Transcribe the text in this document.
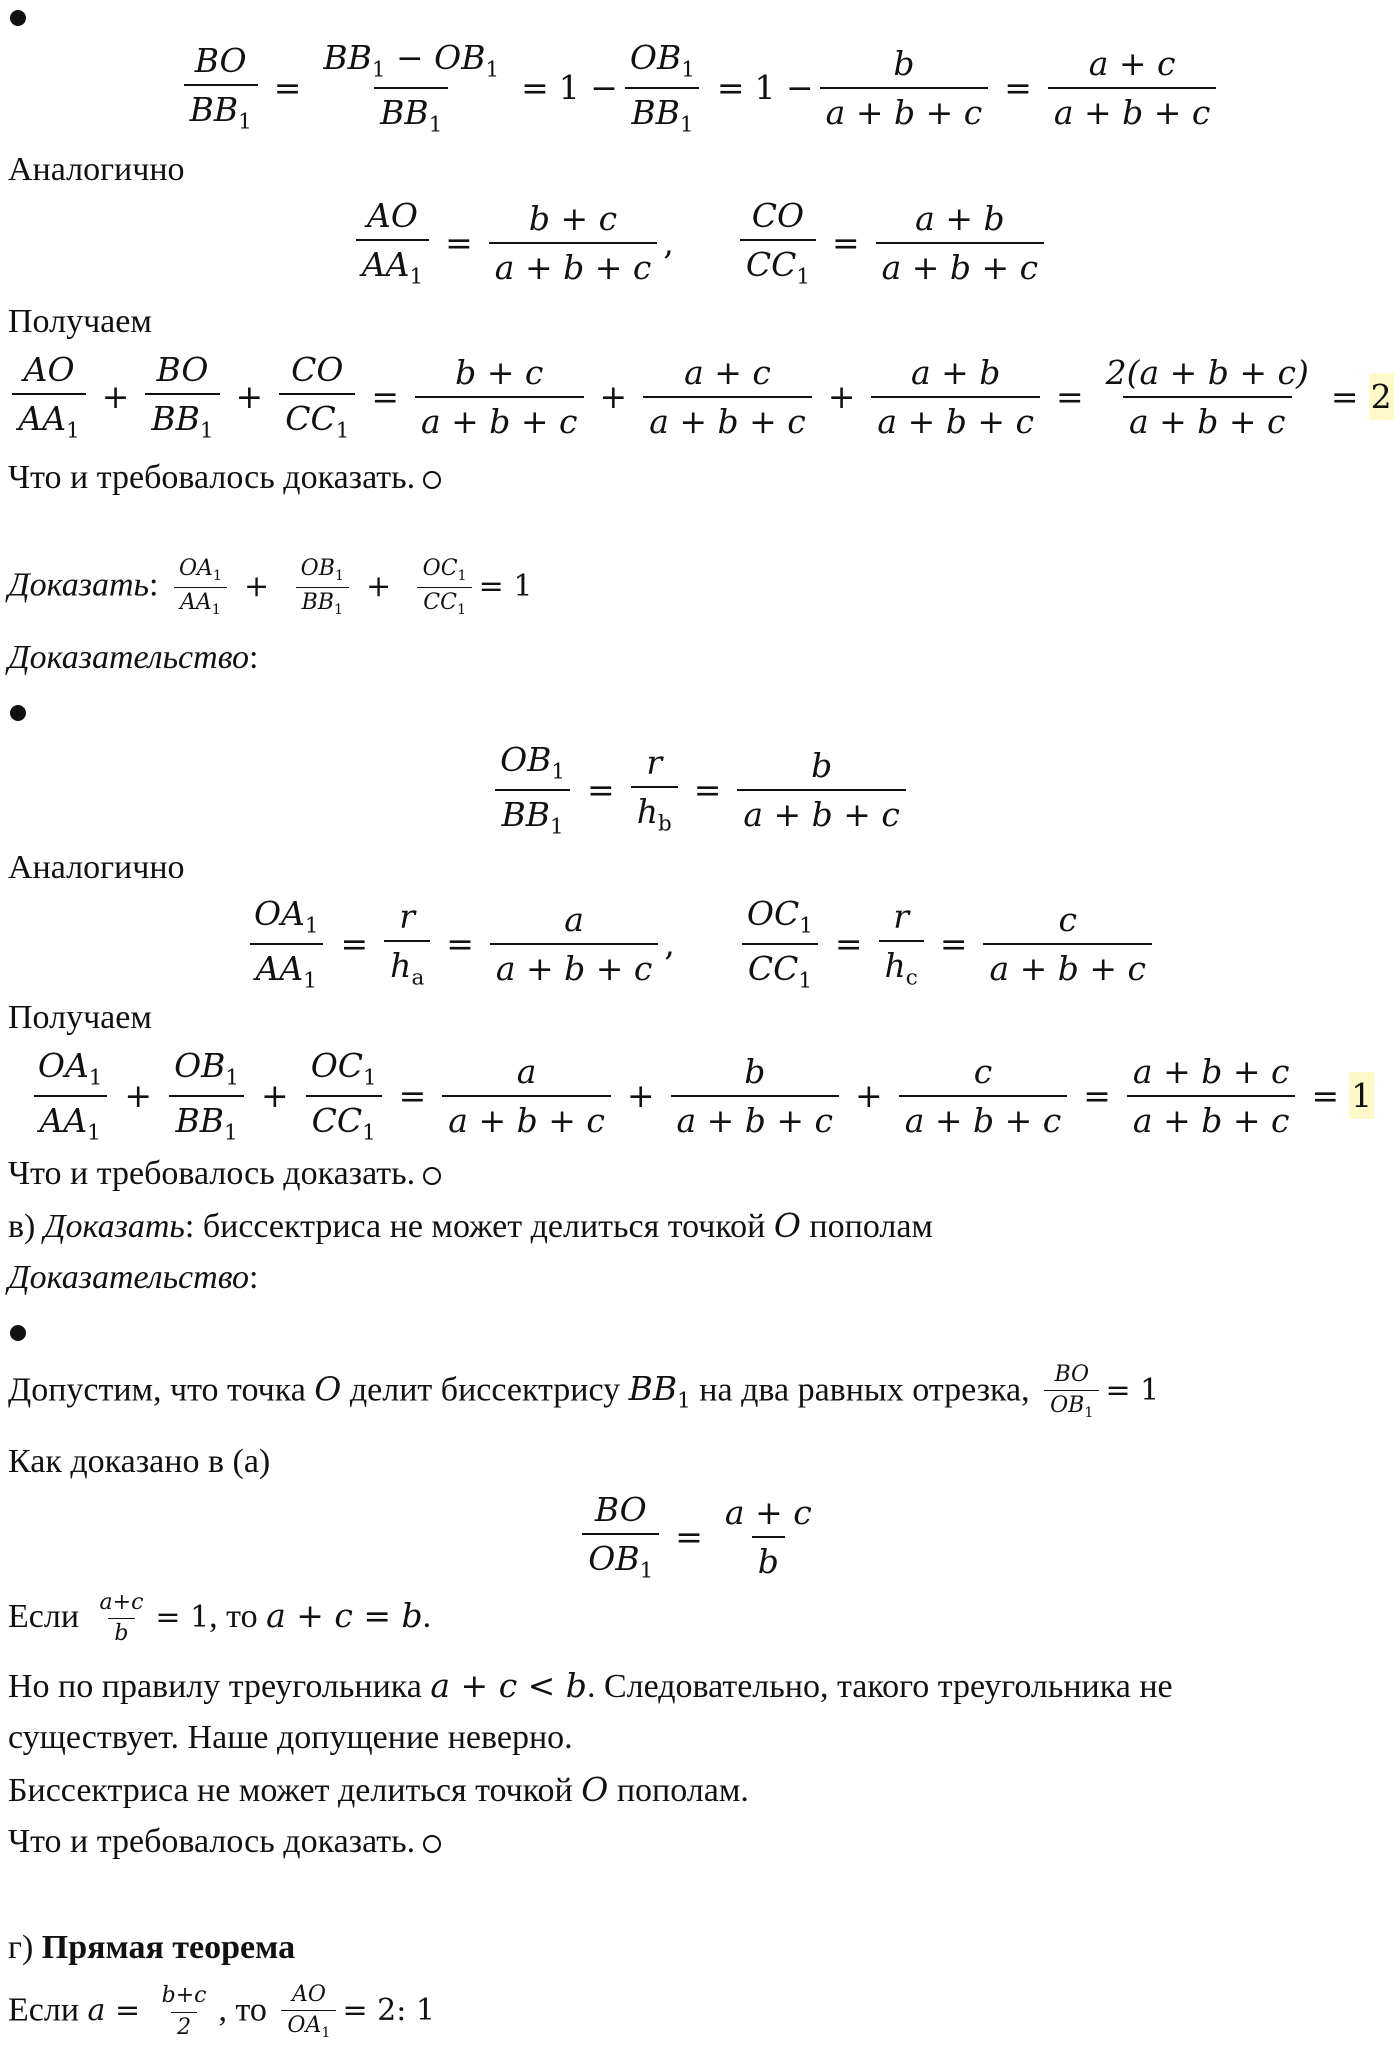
$\frac{BO}{BB_1} = \frac{BB_1 - OB_1}{BB_1} = 1 - \frac{OB_1}{BB_1} = 1 - \frac{b}{a + b + c} = \frac{a + c}{a + b + c}$
Аналогично
$\frac{AO}{AA_1} = \frac{b + c}{a + b + c}$ , $\frac{CO}{CC_1} = \frac{a + b}{a + b + c}$
Получаем
$\frac{AO}{AA_1} + \frac{BO}{BB_1} + \frac{CO}{CC_1} = \frac{b + c}{a + b + c} + \frac{a + c}{a + b + c} + \frac{a + b}{a + b + c} = \frac{2(a + b + c)}{a + b + c} = 2$
Что и требовалось доказать.
Доказать: $\frac{OA_1}{AA_1} + \frac{OB_1}{BB_1} + \frac{OC_1}{CC_1} = 1$
Доказательство:
$\frac{OB_1}{BB_1} = \frac{r}{h_b} = \frac{b}{a + b + c}$
Аналогично
$\frac{OA_1}{AA_1} = \frac{r}{h_a} = \frac{a}{a + b + c}$ , $\frac{OC_1}{CC_1} = \frac{r}{h_c} = \frac{c}{a + b + c}$
Получаем
$\frac{OA_1}{AA_1} + \frac{OB_1}{BB_1} + \frac{OC_1}{CC_1} = \frac{a}{a + b + c} + \frac{b}{a + b + c} + \frac{c}{a + b + c} = \frac{a + b + c}{a + b + c} = 1$
Что и требовалось доказать.
в) Доказать: биссектриса не может делиться точкой O пополам
Доказательство:
Допустим, что точка O делит биссектрису $BB_1$ на два равных отрезка, $\frac{BO}{OB_1} = 1$
Как доказано в (а)
$\frac{BO}{OB_1} = \frac{a + c}{b}$
Если $\frac{a+c}{b} = 1$, то a + c = b.
Но по правилу треугольника a + c < b. Следовательно, такого треугольника не
существует. Наше допущение неверно.
Биссектриса не может делиться точкой O пополам.
Что и требовалось доказать.
г) Прямая теорема
Если $a = \frac{b+c}{2}$ , то $\frac{AO}{OA_1} = 2$: 1
